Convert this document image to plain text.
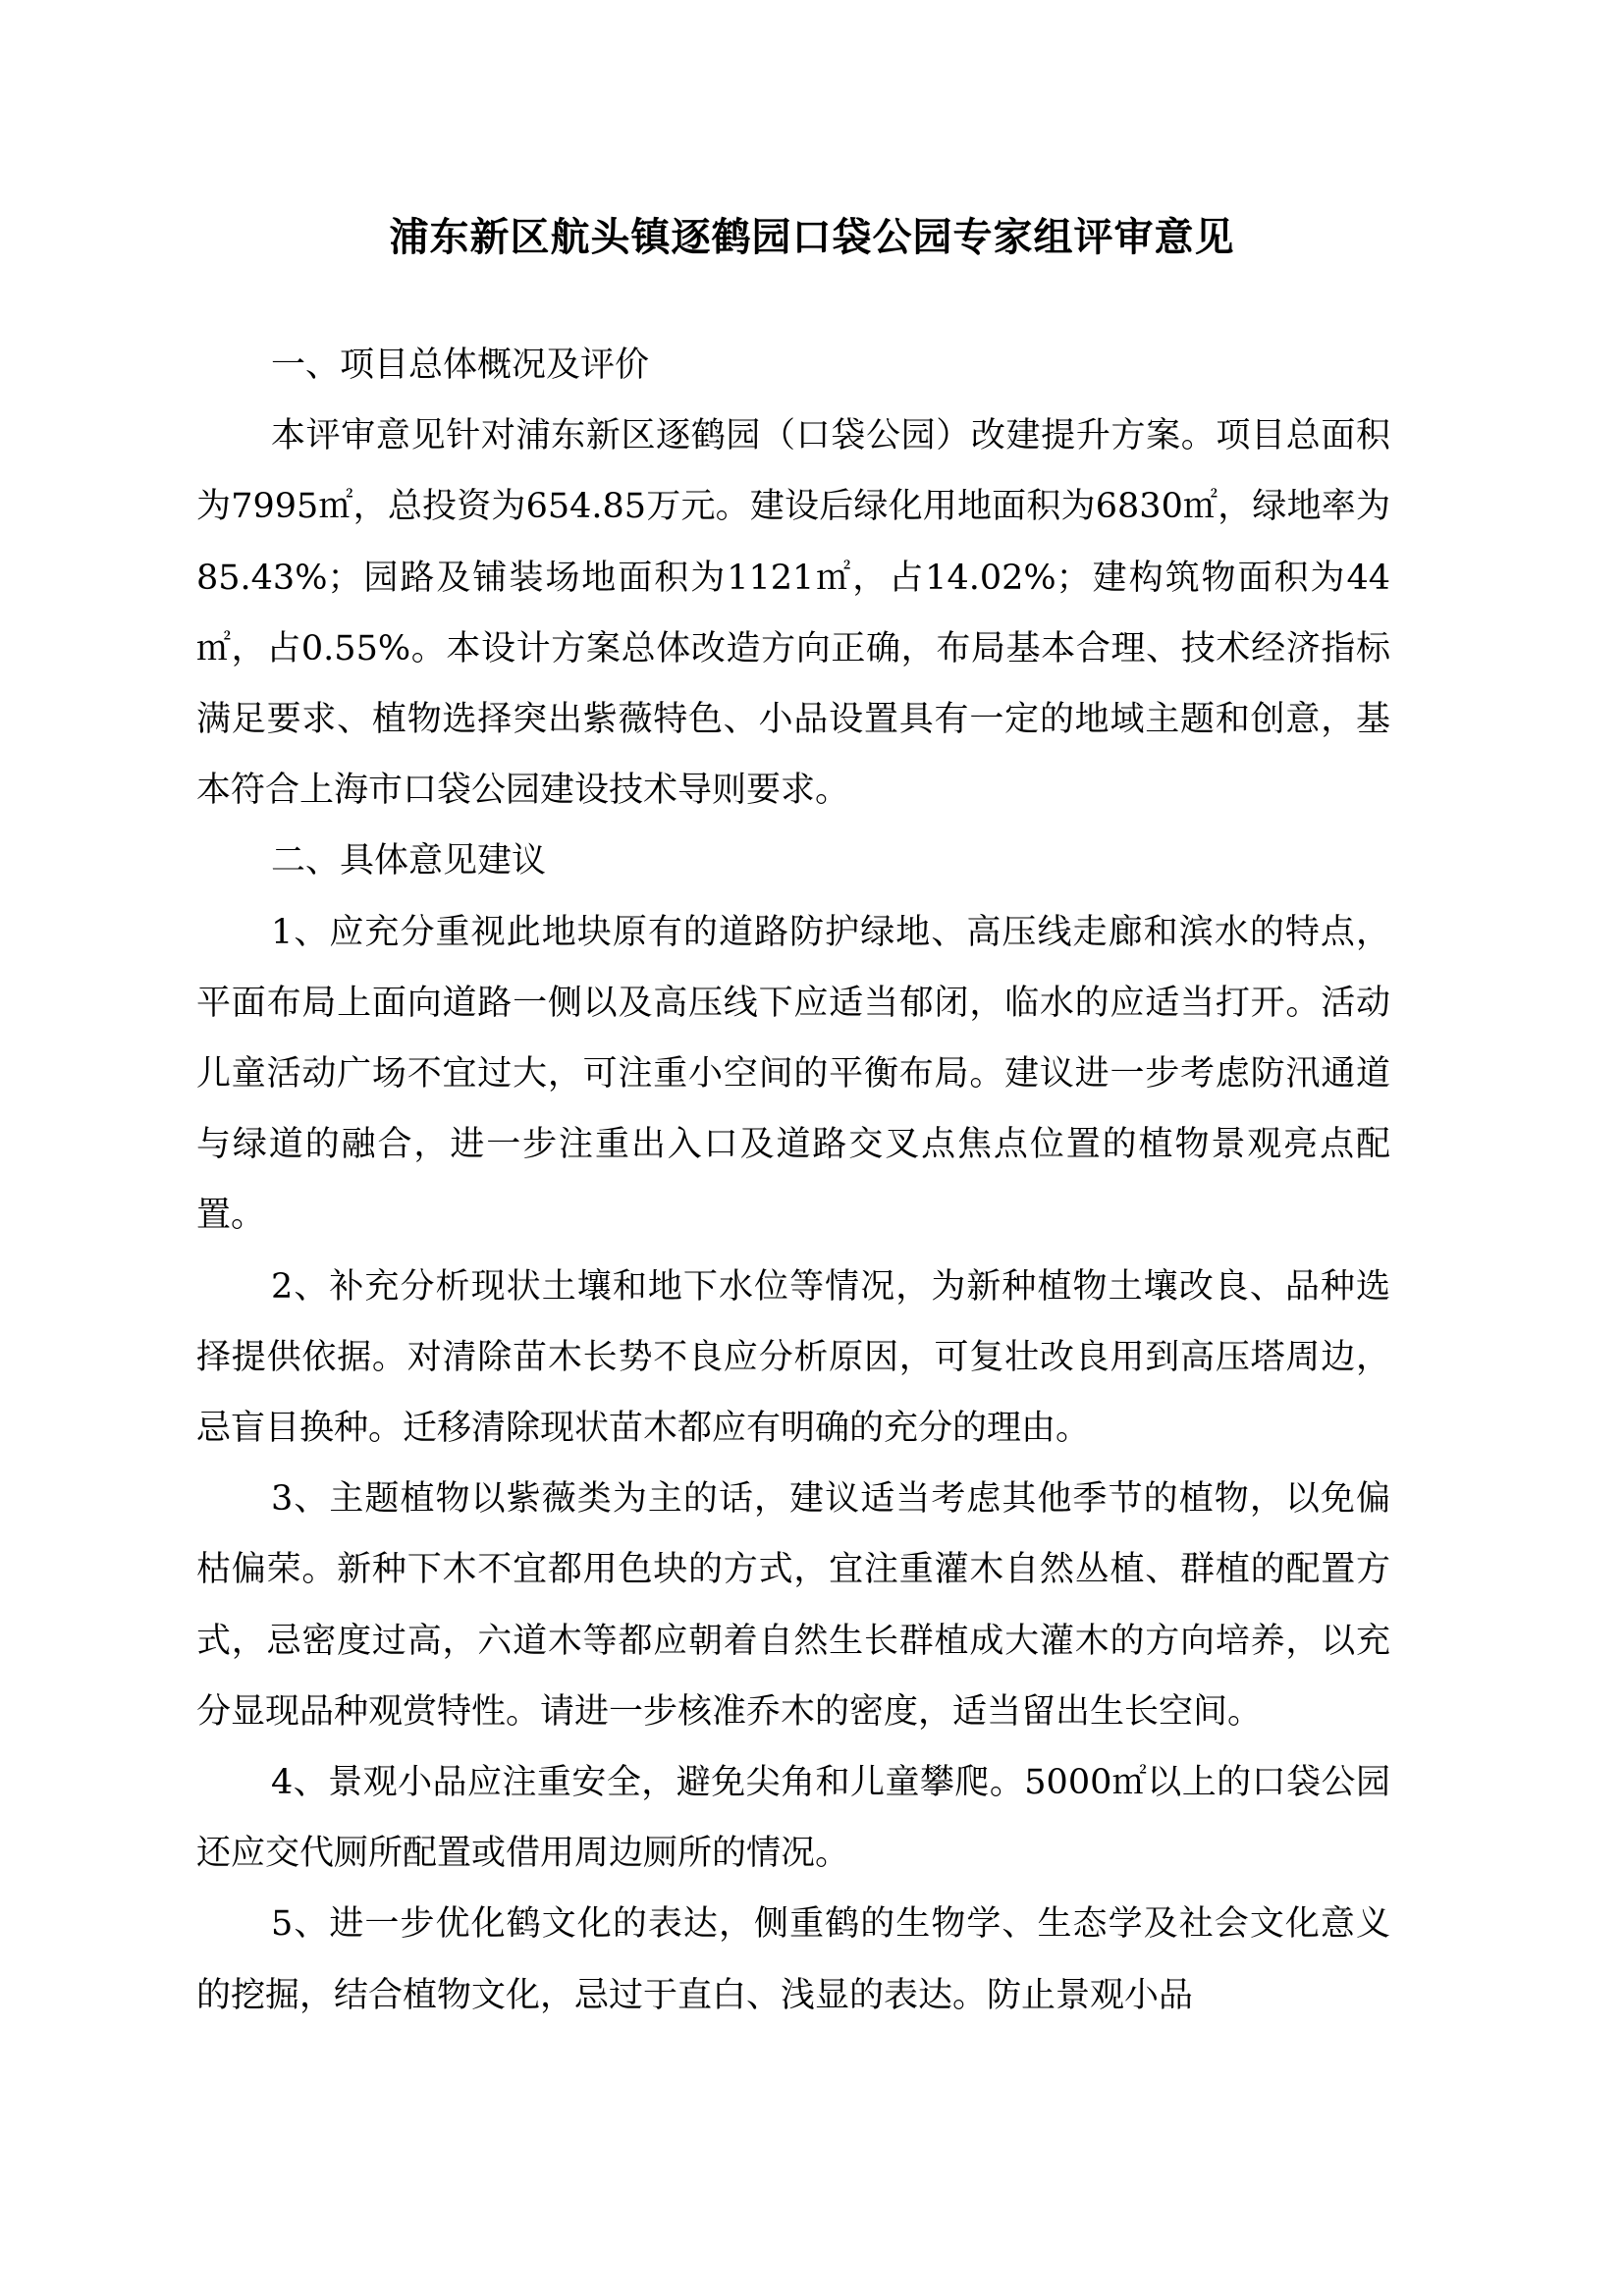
浦东新区航头镇逐鹤园口袋公园专家组评审意见

一、项目总体概况及评价

本评审意见针对浦东新区逐鹤园（口袋公园）改建提升方案。项目总面积为7995㎡，总投资为654.85万元。建设后绿化用地面积为6830㎡，绿地率为85.43%；园路及铺装场地面积为1121㎡，占14.02%；建构筑物面积为44㎡，占0.55%。本设计方案总体改造方向正确，布局基本合理、技术经济指标满足要求、植物选择突出紫薇特色、小品设置具有一定的地域主题和创意，基本符合上海市口袋公园建设技术导则要求。

二、具体意见建议

1、应充分重视此地块原有的道路防护绿地、高压线走廊和滨水的特点，平面布局上面向道路一侧以及高压线下应适当郁闭，临水的应适当打开。活动儿童活动广场不宜过大，可注重小空间的平衡布局。建议进一步考虑防汛通道与绿道的融合，进一步注重出入口及道路交叉点焦点位置的植物景观亮点配置。

2、补充分析现状土壤和地下水位等情况，为新种植物土壤改良、品种选择提供依据。对清除苗木长势不良应分析原因，可复壮改良用到高压塔周边，忌盲目换种。迁移清除现状苗木都应有明确的充分的理由。

3、主题植物以紫薇类为主的话，建议适当考虑其他季节的植物，以免偏枯偏荣。新种下木不宜都用色块的方式，宜注重灌木自然丛植、群植的配置方式，忌密度过高，六道木等都应朝着自然生长群植成大灌木的方向培养，以充分显现品种观赏特性。请进一步核准乔木的密度，适当留出生长空间。

4、景观小品应注重安全，避免尖角和儿童攀爬。5000㎡以上的口袋公园还应交代厕所配置或借用周边厕所的情况。

5、进一步优化鹤文化的表达，侧重鹤的生物学、生态学及社会文化意义的挖掘，结合植物文化，忌过于直白、浅显的表达。防止景观小品
